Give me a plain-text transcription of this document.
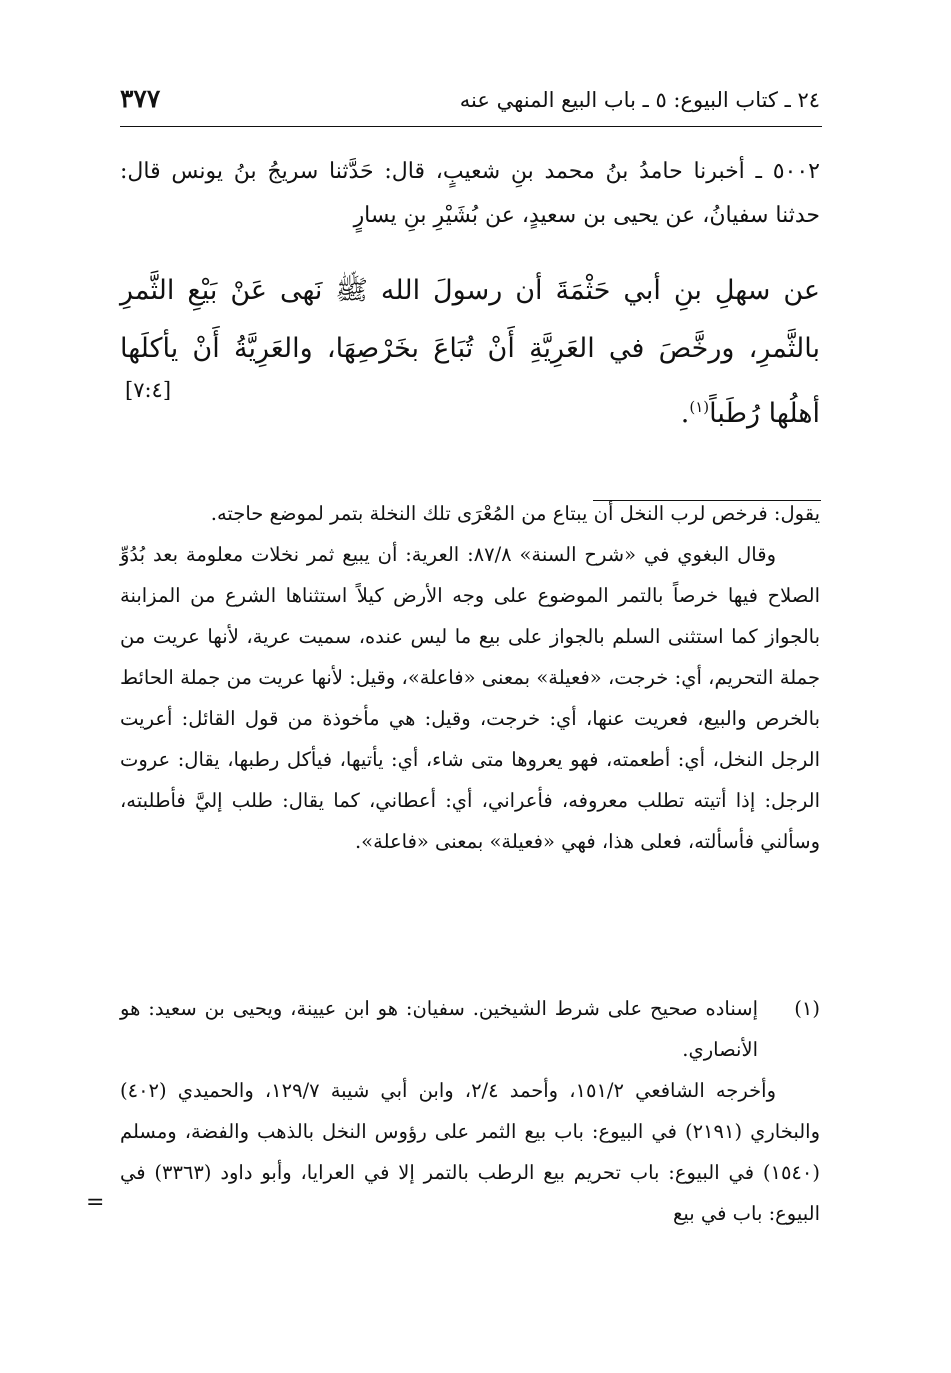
٢٤ ـ كتاب البيوع: ٥ ـ باب البيع المنهي عنه
٣٧٧

٥٠٠٢ ـ أخبرنا حامدُ بنُ محمد بنِ شعيبٍ، قال: حَدَّثنا سريجُ بنُ يونس قال: حدثنا سفيانُ، عن يحيى بن سعيدٍ، عن بُشَيْرِ بنِ يسارٍ

عن سهلِ بنِ أبي حَثْمَةَ أن رسولَ الله ﷺ نَهى عَنْ بَيْعِ الثَّمرِ بالثَّمرِ، ورخَّصَ في العَرِيَّةِ أَنْ تُبَاعَ بخَرْصِهَا، والعَرِيَّةُ أَنْ يأكلَها أهلُها رُطَباً$^{(١)}$.

[٧:٤]

يقول: فرخص لرب النخل أن يبتاع من المُعْرَى تلك النخلة بتمر لموضع حاجته.

وقال البغوي في «شرح السنة» ٨٧/٨: العرية: أن يبيع ثمر نخلات معلومة بعد بُدُوِّ الصلاح فيها خرصاً بالتمر الموضوع على وجه الأرض كيلاً استثناها الشرع من المزابنة بالجواز كما استثنى السلم بالجواز على بيع ما ليس عنده، سميت عرية، لأنها عريت من جملة التحريم، أي: خرجت، «فعيلة» بمعنى «فاعلة»، وقيل: لأنها عريت من جملة الحائط بالخرص والبيع، فعريت عنها، أي: خرجت، وقيل: هي مأخوذة من قول القائل: أعريت الرجل النخل، أي: أطعمته، فهو يعروها متى شاء، أي: يأتيها، فيأكل رطبها، يقال: عروت الرجل: إذا أتيته تطلب معروفه، فأعراني، أي: أعطاني، كما يقال: طلب إليَّ فأطلبته، وسألني فأسألته، فعلى هذا، فهي «فعيلة» بمعنى «فاعلة».

(١)
إسناده صحيح على شرط الشيخين. سفيان: هو ابن عيينة، ويحيى بن سعيد: هو الأنصاري.

وأخرجه الشافعي ١٥١/٢، وأحمد ٢/٤، وابن أبي شيبة ١٢٩/٧، والحميدي (٤٠٢) والبخاري (٢١٩١) في البيوع: باب بيع الثمر على رؤوس النخل بالذهب والفضة، ومسلم (١٥٤٠) في البيوع: باب تحريم بيع الرطب بالتمر إلا في العرايا، وأبو داود (٣٣٦٣) في البيوع: باب في بيع

=
